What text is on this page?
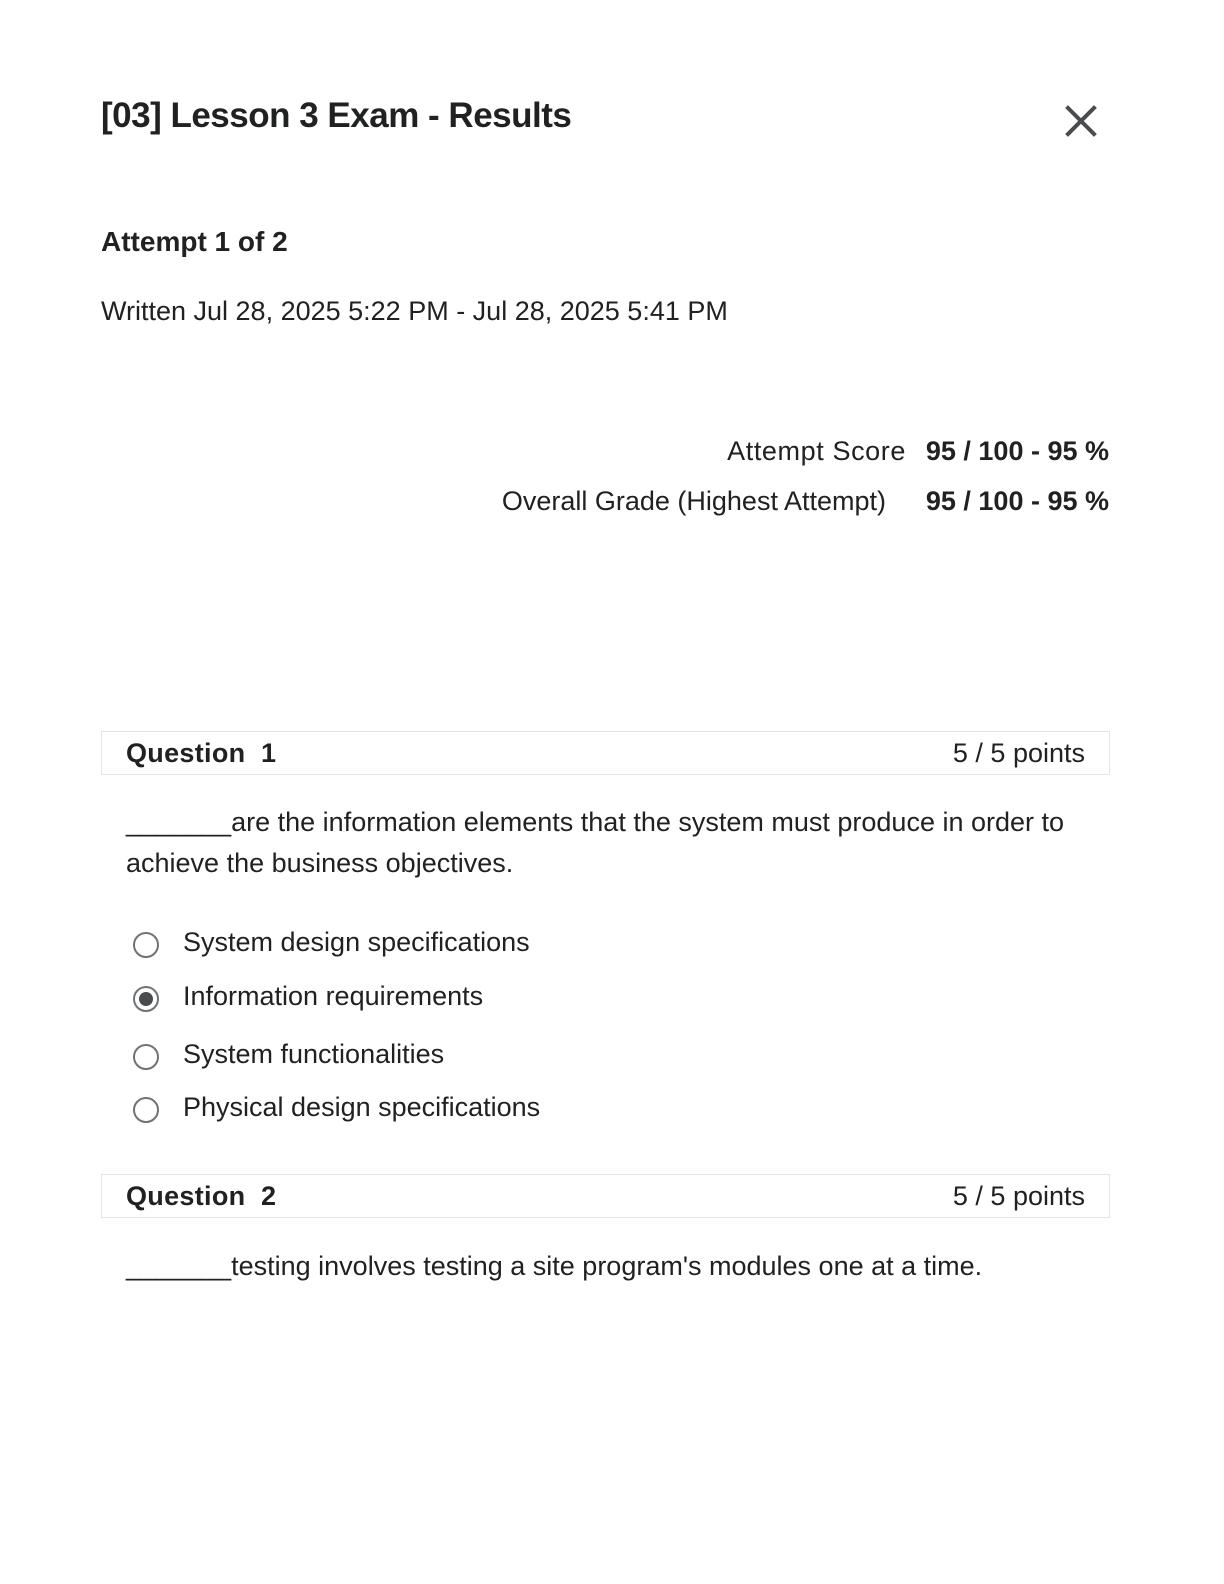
[03] Lesson 3 Exam - Results
Attempt 1 of 2
Written Jul 28, 2025 5:22 PM - Jul 28, 2025 5:41 PM
Attempt Score 95 / 100 - 95 %
Overall Grade (Highest Attempt)	95 / 100 - 95 %
Question  1	5 / 5 points
_______are the information elements that the system must produce in order to achieve the business objectives.
System design specifications
Information requirements
System functionalities
Physical design specifications
Question  2	5 / 5 points
_______testing involves testing a site program's modules one at a time.
